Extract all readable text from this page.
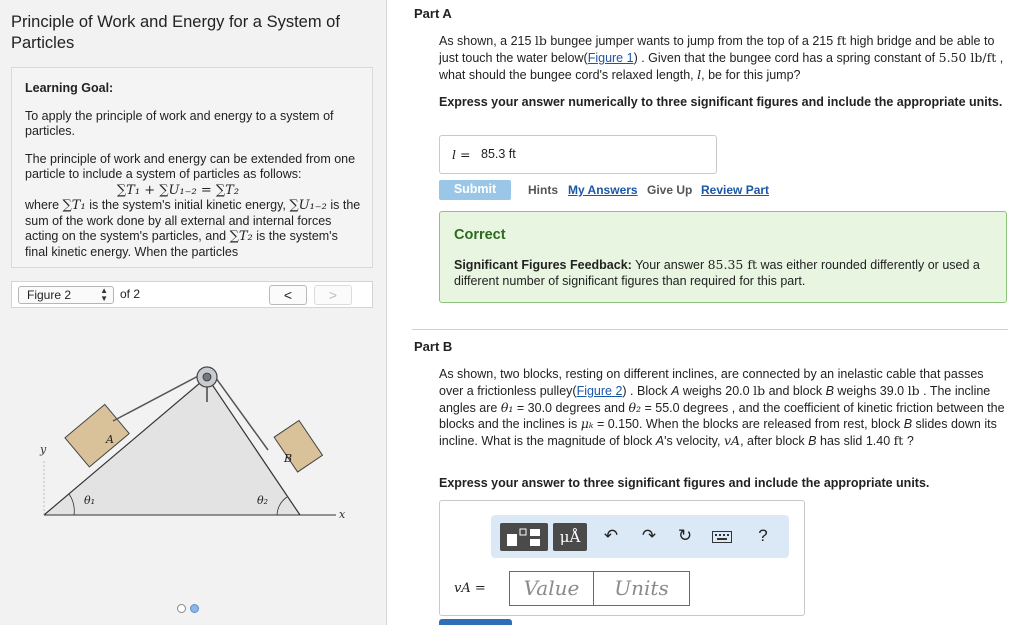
Principle of Work and Energy for a System of Particles
Learning Goal:
To apply the principle of work and energy to a system of particles.
The principle of work and energy can be extended from one particle to include a system of particles as follows:
∑T₁ + ∑U₁₋₂ = ∑T₂
where ∑T₁ is the system's initial kinetic energy, ∑U₁₋₂ is the sum of the work done by all external and internal forces acting on the system's particles, and ∑T₂ is the system's final kinetic energy. When the particles
Figure 2	▲
▼ of 2	<	>
y
x
A
B
θ₁	θ₂
Part A
As shown, a 215 lb bungee jumper wants to jump from the top of a 215 ft high bridge and be able to just touch the water below(Figure 1) . Given that the bungee cord has a spring constant of 5.50 lb/ft , what should the bungee cord's relaxed length, l, be for this jump?
Express your answer numerically to three significant figures and include the appropriate units.
l = 85.3 ft
Submit	Hints My Answers Give Up Review Part
Correct
Significant Figures Feedback: Your answer 85.35 ft was either rounded differently or used a different number of significant figures than required for this part.
Part B
As shown, two blocks, resting on different inclines, are connected by an inelastic cable that passes over a frictionless pulley(Figure 2) . Block A weighs 20.0 lb and block B weighs 39.0 lb . The incline angles are θ₁ = 30.0 degrees and θ₂ = 55.0 degrees , and the coefficient of kinetic friction between the blocks and the inclines is μₖ = 0.150. When the blocks are released from rest, block B slides down its incline. What is the magnitude of block A's velocity, vA, after block B has slid 1.40 ft ?
Express your answer to three significant figures and include the appropriate units.
μÅ	↶ ↷ ↻	?
vA =	Value	Units
